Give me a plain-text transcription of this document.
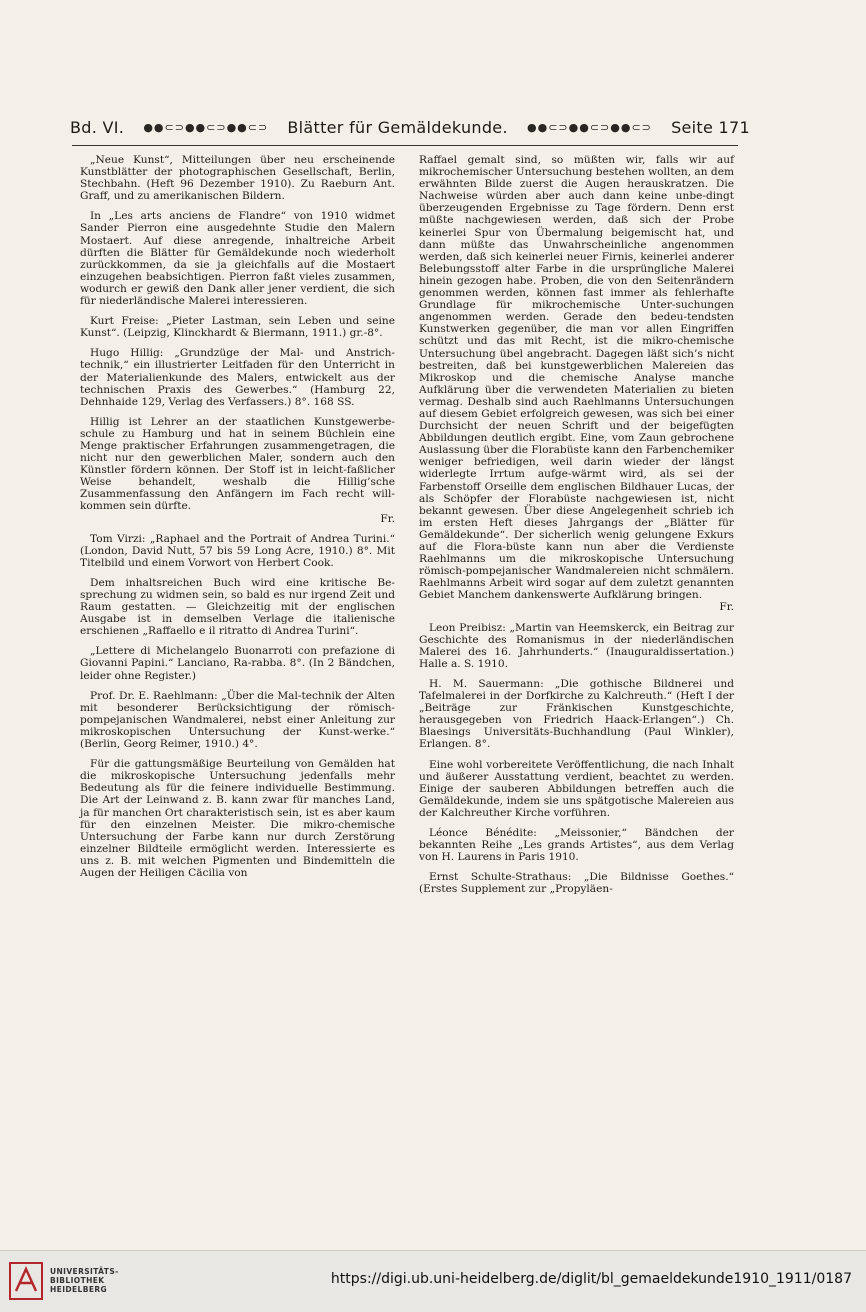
Bd. VI. ●●⊂⊃●●⊂⊃●●⊂⊃ Blätter für Gemäldekunde. ●●⊂⊃●●⊂⊃●●⊂⊃ Seite 171

„Neue Kunst“, Mitteilungen über neu erscheinende Kunstblätter der photographischen Gesellschaft, Berlin, Stechbahn. (Heft 96 Dezember 1910). Zu Raeburn Ant. Graff, und zu amerikanischen Bildern.

In „Les arts anciens de Flandre“ von 1910 widmet Sander Pierron eine ausgedehnte Studie den Malern Mostaert. Auf diese anregende, inhaltreiche Arbeit dürften die Blätter für Gemäldekunde noch wiederholt zurückkommen, da sie ja gleichfalls auf die Mostaert einzugehen beabsichtigen. Pierron faßt vieles zusammen, wodurch er gewiß den Dank aller jener verdient, die sich für niederländische Malerei interessieren.

Kurt Freise: „Pieter Lastman, sein Leben und seine Kunst“. (Leipzig, Klinckhardt & Biermann, 1911.) gr.-8°.

Hugo Hillig: „Grundzüge der Mal- und Anstrich-technik,“ ein illustrierter Leitfaden für den Unterricht in der Materialienkunde des Malers, entwickelt aus der technischen Praxis des Gewerbes.“ (Hamburg 22, Dehnhaide 129, Verlag des Verfassers.) 8°. 168 SS.

Hillig ist Lehrer an der staatlichen Kunstgewerbe-schule zu Hamburg und hat in seinem Büchlein eine Menge praktischer Erfahrungen zusammengetragen, die nicht nur den gewerblichen Maler, sondern auch den Künstler fördern können. Der Stoff ist in leicht-faßlicher Weise behandelt, weshalb die Hillig’sche Zusammenfassung den Anfängern im Fach recht will-kommen sein dürfte.

Fr.

Tom Virzi: „Raphael and the Portrait of Andrea Turini.“ (London, David Nutt, 57 bis 59 Long Acre, 1910.) 8°. Mit Titelbild und einem Vorwort von Herbert Cook.

Dem inhaltsreichen Buch wird eine kritische Be-sprechung zu widmen sein, so bald es nur irgend Zeit und Raum gestatten. — Gleichzeitig mit der englischen Ausgabe ist in demselben Verlage die italienische erschienen „Raffaello e il ritratto di Andrea Turini“.

„Lettere di Michelangelo Buonarroti con prefazione di Giovanni Papini.“ Lanciano, Ra-rabba. 8°. (In 2 Bändchen, leider ohne Register.)

Prof. Dr. E. Raehlmann: „Über die Mal-technik der Alten mit besonderer Berücksichtigung der römisch-pompejanischen Wandmalerei, nebst einer Anleitung zur mikroskopischen Untersuchung der Kunst-werke.“ (Berlin, Georg Reimer, 1910.) 4°.

Für die gattungsmäßige Beurteilung von Gemälden hat die mikroskopische Untersuchung jedenfalls mehr Bedeutung als für die feinere individuelle Bestimmung. Die Art der Leinwand z. B. kann zwar für manches Land, ja für manchen Ort charakteristisch sein, ist es aber kaum für den einzelnen Meister. Die mikro-chemische Untersuchung der Farbe kann nur durch Zerstörung einzelner Bildteile ermöglicht werden. Interessierte es uns z. B. mit welchen Pigmenten und Bindemitteln die Augen der Heiligen Cäcilia von

Raffael gemalt sind, so müßten wir, falls wir auf mikrochemischer Untersuchung bestehen wollten, an dem erwähnten Bilde zuerst die Augen herauskratzen. Die Nachweise würden aber auch dann keine unbe-dingt überzeugenden Ergebnisse zu Tage fördern. Denn erst müßte nachgewiesen werden, daß sich der Probe keinerlei Spur von Übermalung beigemischt hat, und dann müßte das Unwahrscheinliche angenommen werden, daß sich keinerlei neuer Firnis, keinerlei anderer Belebungsstoff alter Farbe in die ursprüngliche Malerei hinein gezogen habe. Proben, die von den Seitenrändern genommen werden, können fast immer als fehlerhafte Grundlage für mikrochemische Unter-suchungen angenommen werden. Gerade den bedeu-tendsten Kunstwerken gegenüber, die man vor allen Eingriffen schützt und das mit Recht, ist die mikro-chemische Untersuchung übel angebracht. Dagegen läßt sich’s nicht bestreiten, daß bei kunstgewerblichen Malereien das Mikroskop und die chemische Analyse manche Aufklärung über die verwendeten Materialien zu bieten vermag. Deshalb sind auch Raehlmanns Untersuchungen auf diesem Gebiet erfolgreich gewesen, was sich bei einer Durchsicht der neuen Schrift und der beigefügten Abbildungen deutlich ergibt. Eine, vom Zaun gebrochene Auslassung über die Florabüste kann den Farbenchemiker weniger befriedigen, weil darin wieder der längst widerlegte Irrtum aufge-wärmt wird, als sei der Farbenstoff Orseille dem englischen Bildhauer Lucas, der als Schöpfer der Florabüste nachgewiesen ist, nicht bekannt gewesen. Über diese Angelegenheit schrieb ich im ersten Heft dieses Jahrgangs der „Blätter für Gemäldekunde“. Der sicherlich wenig gelungene Exkurs auf die Flora-büste kann nun aber die Verdienste Raehlmanns um die mikroskopische Untersuchung römisch-pompejanischer Wandmalereien nicht schmälern. Raehlmanns Arbeit wird sogar auf dem zuletzt genannten Gebiet Manchem dankenswerte Aufklärung bringen.

Fr.

Leon Preibisz: „Martin van Heemskerck, ein Beitrag zur Geschichte des Romanismus in der niederländischen Malerei des 16. Jahrhunderts.“ (Inauguraldissertation.) Halle a. S. 1910.

H. M. Sauermann: „Die gothische Bildnerei und Tafelmalerei in der Dorfkirche zu Kalchreuth.“ (Heft I der „Beiträge zur Fränkischen Kunstgeschichte, herausgegeben von Friedrich Haack-Erlangen“.) Ch. Blaesings Universitäts-Buchhandlung (Paul Winkler), Erlangen. 8°.

Eine wohl vorbereitete Veröffentlichung, die nach Inhalt und äußerer Ausstattung verdient, beachtet zu werden. Einige der sauberen Abbildungen betreffen auch die Gemäldekunde, indem sie uns spätgotische Malereien aus der Kalchreuther Kirche vorführen.

Léonce Bénédite: „Meissonier,“ Bändchen der bekannten Reihe „Les grands Artistes“, aus dem Verlag von H. Laurens in Paris 1910.

Ernst Schulte-Strathaus: „Die Bildnisse Goethes.“ (Erstes Supplement zur „Propyläen-

UNIVERSITÄTS-
BIBLIOTHEK
HEIDELBERG
https://digi.ub.uni-heidelberg.de/diglit/bl_gemaeldekunde1910_1911/0187
